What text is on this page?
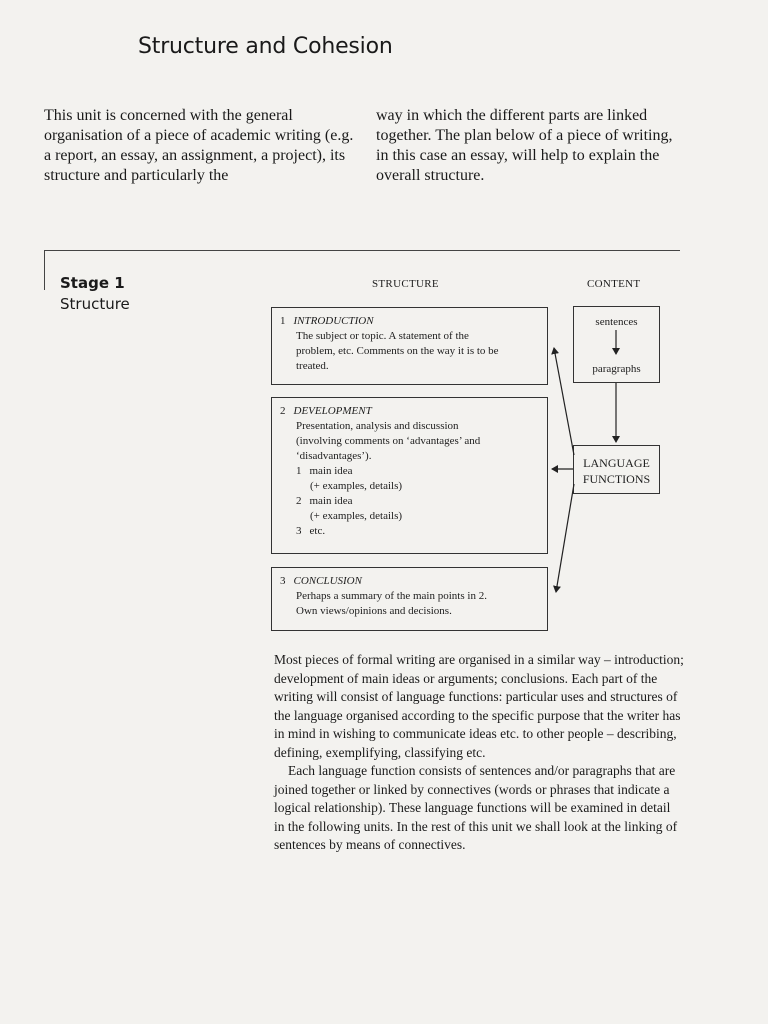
Structure and Cohesion
This unit is concerned with the general organisation of a piece of academic writing (e.g. a report, an essay, an assignment, a project), its structure and particularly the
way in which the different parts are linked together. The plan below of a piece of writing, in this case an essay, will help to explain the overall structure.
Stage 1
Structure
STRUCTURE	CONTENT
1 INTRODUCTION
The subject or topic. A statement of the
problem, etc. Comments on the way it is to be
treated.
2 DEVELOPMENT
Presentation, analysis and discussion
(involving comments on ‘advantages’ and
‘disadvantages’).
1 main idea
(+ examples, details)
2 main idea
(+ examples, details)
3 etc.
3 CONCLUSION
Perhaps a summary of the main points in 2.
Own views/opinions and decisions.
sentences
paragraphs
LANGUAGE
FUNCTIONS

Most pieces of formal writing are organised in a similar way – introduction; development of main ideas or arguments; conclusions. Each part of the writing will consist of language functions: particular uses and structures of the language organised according to the specific purpose that the writer has in mind in wishing to communicate ideas etc. to other people – describing, defining, exemplifying, classifying etc.

Each language function consists of sentences and/or paragraphs that are joined together or linked by connectives (words or phrases that indicate a logical relationship). These language functions will be examined in detail in the following units. In the rest of this unit we shall look at the linking of sentences by means of connectives.
